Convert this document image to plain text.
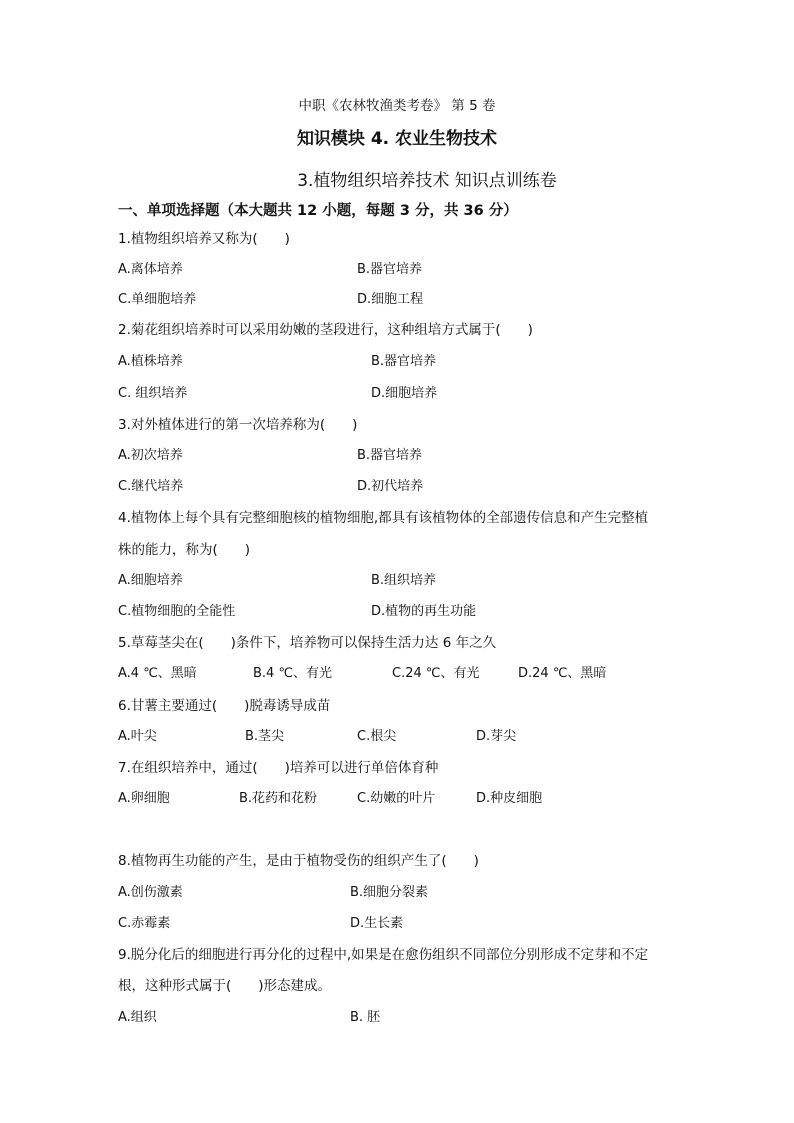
中职《农林牧渔类考卷》 第 5 卷
知识模块 4. 农业生物技术
3.植物组织培养技术 知识点训练卷
一、单项选择题（本大题共 12 小题，每题 3 分，共 36 分）
1.植物组织培养又称为(　　)
A.离体培养	B.器官培养
C.单细胞培养	D.细胞工程
2.菊花组织培养时可以采用幼嫩的茎段进行，这种组培方式属于(　　)
A.植株培养	B.器官培养
C. 组织培养	D.细胞培养
3.对外植体进行的第一次培养称为(　　)
A.初次培养	B.器官培养
C.继代培养	D.初代培养
4.植物体上每个具有完整细胞核的植物细胞,都具有该植物体的全部遗传信息和产生完整植
株的能力，称为(　　)
A.细胞培养	B.组织培养
C.植物细胞的全能性	D.植物的再生功能
5.草莓茎尖在(　　)条件下，培养物可以保持生活力达 6 年之久
A.4 ℃、黑暗	B.4 ℃、有光	C.24 ℃、有光	D.24 ℃、黑暗
6.甘薯主要通过(　　)脱毒诱导成苗
A.叶尖	B.茎尖	C.根尖	D.芽尖
7.在组织培养中，通过(　　)培养可以进行单倍体育种
A.卵细胞	B.花药和花粉	C.幼嫩的叶片	D.种皮细胞
8.植物再生功能的产生，是由于植物受伤的组织产生了(　　)
A.创伤激素	B.细胞分裂素
C.赤霉素	D.生长素
9.脱分化后的细胞进行再分化的过程中,如果是在愈伤组织不同部位分别形成不定芽和不定
根，这种形式属于(　　)形态建成。
A.组织	B. 胚
